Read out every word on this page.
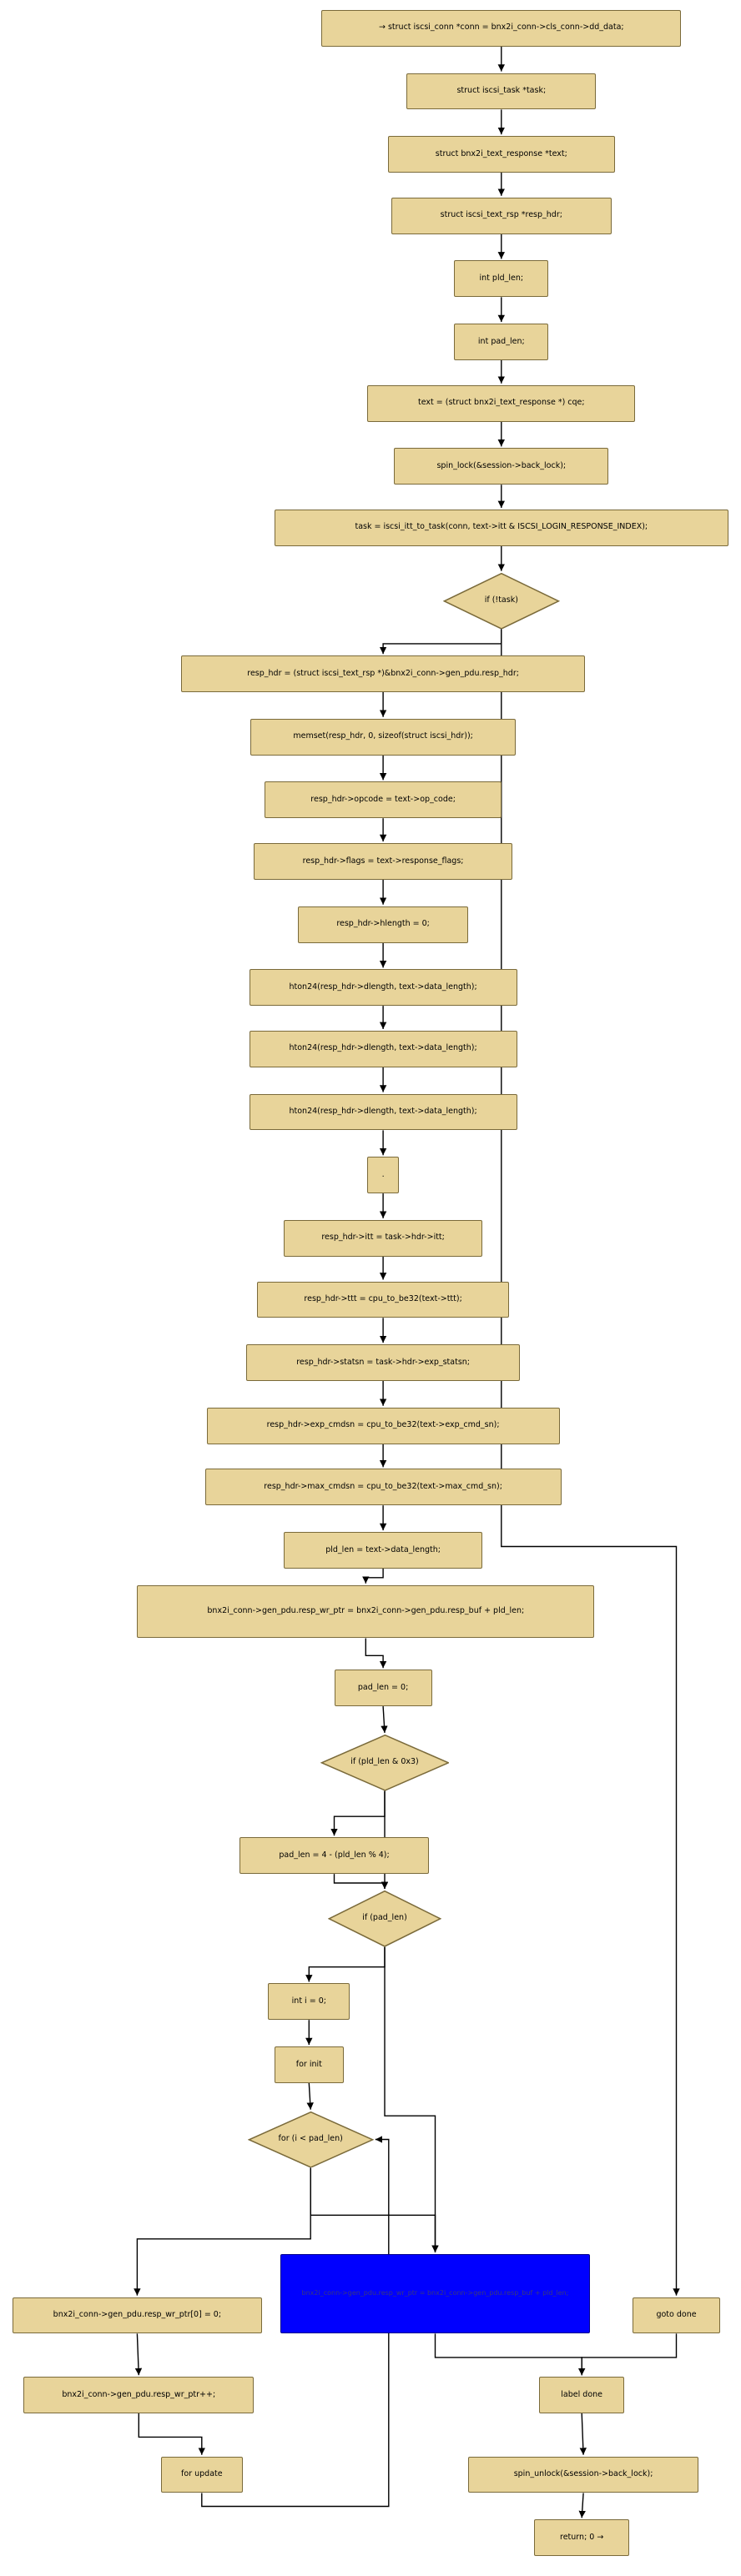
→ struct iscsi_conn *conn = bnx2i_conn->cls_conn->dd_data;
struct iscsi_task *task;
struct bnx2i_text_response *text;
struct iscsi_text_rsp *resp_hdr;
int pld_len;
int pad_len;
text = (struct bnx2i_text_response *) cqe;
spin_lock(&session->back_lock);
task = iscsi_itt_to_task(conn, text->itt & ISCSI_LOGIN_RESPONSE_INDEX);
if (!task)
resp_hdr = (struct iscsi_text_rsp *)&bnx2i_conn->gen_pdu.resp_hdr;
memset(resp_hdr, 0, sizeof(struct iscsi_hdr));
resp_hdr->opcode = text->op_code;
resp_hdr->flags = text->response_flags;
resp_hdr->hlength = 0;
hton24(resp_hdr->dlength, text->data_length);
hton24(resp_hdr->dlength, text->data_length);
hton24(resp_hdr->dlength, text->data_length);
.
resp_hdr->itt = task->hdr->itt;
resp_hdr->ttt = cpu_to_be32(text->ttt);
resp_hdr->statsn = task->hdr->exp_statsn;
resp_hdr->exp_cmdsn = cpu_to_be32(text->exp_cmd_sn);
resp_hdr->max_cmdsn = cpu_to_be32(text->max_cmd_sn);
pld_len = text->data_length;
bnx2i_conn->gen_pdu.resp_wr_ptr = bnx2i_conn->gen_pdu.resp_buf + pld_len;
pad_len = 0;
if (pld_len & 0x3)
pad_len = 4 - (pld_len % 4);
if (pad_len)
int i = 0;
for init
for (i < pad_len)
bnx2i_conn->gen_pdu.resp_wr_ptr[0] = 0;
bnx2i_conn->gen_pdu.resp_wr_ptr++;
for update
bnx2i_conn->gen_pdu.resp_wr_ptr = bnx2i_conn->gen_pdu.resp_buf + pld_len;
goto done
label done
spin_unlock(&session->back_lock);
return; 0 →
